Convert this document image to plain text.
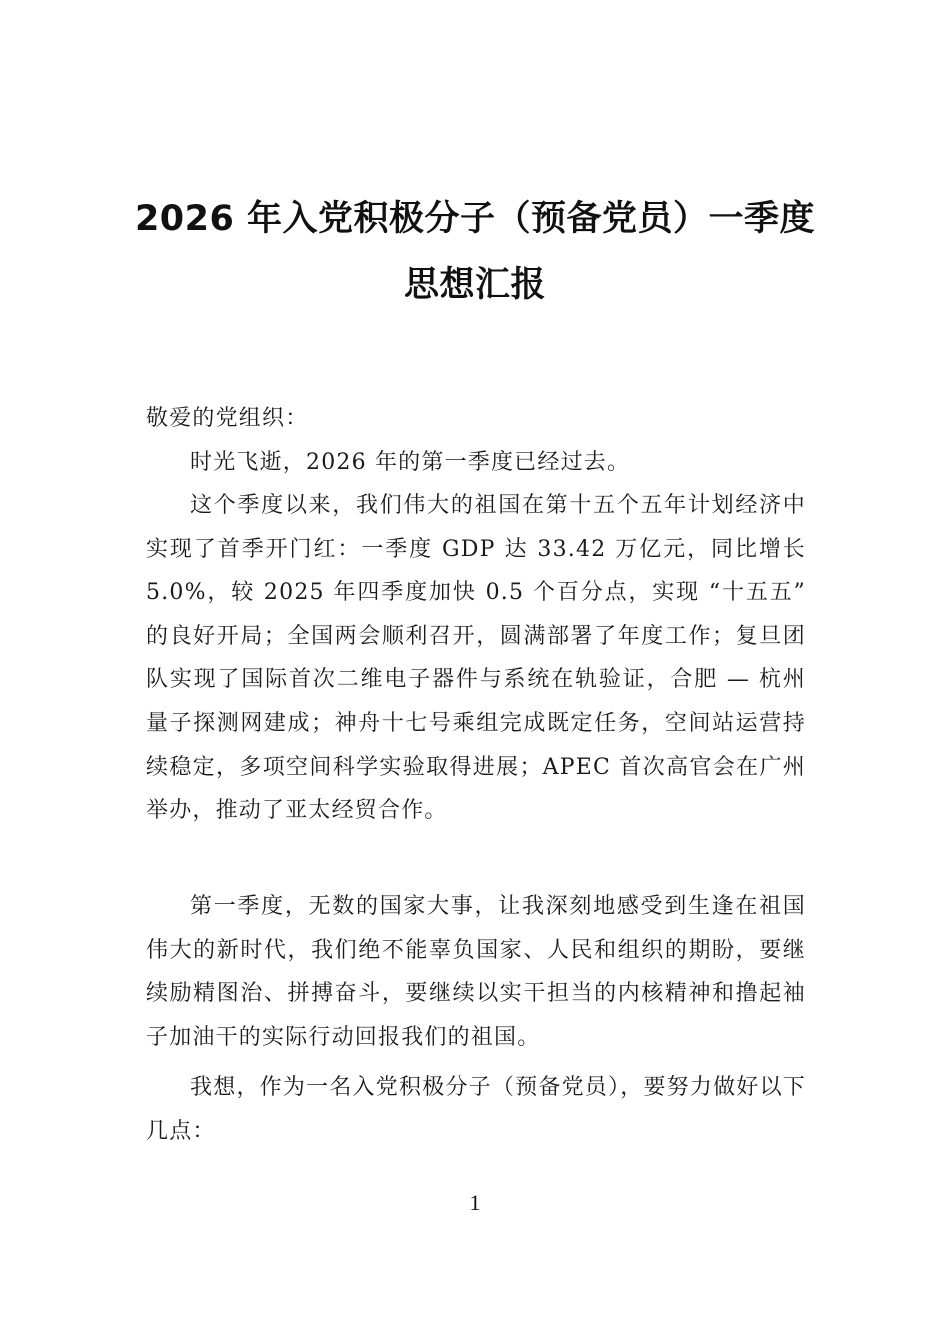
2026 年入党积极分子（预备党员）一季度
思想汇报
敬爱的党组织：

时光飞逝，2026 年的第一季度已经过去。

这个季度以来，我们伟大的祖国在第十五个五年计划经济中实现了首季开门红：一季度 GDP 达 33.42 万亿元，同比增长 5.0%，较 2025 年四季度加快 0.5 个百分点，实现 “十五五” 的良好开局；全国两会顺利召开，圆满部署了年度工作；复旦团队实现了国际首次二维电子器件与系统在轨验证，合肥 — 杭州量子探测网建成；神舟十七号乘组完成既定任务，空间站运营持续稳定，多项空间科学实验取得进展；APEC 首次高官会在广州举办，推动了亚太经贸合作。

第一季度，无数的国家大事，让我深刻地感受到生逢在祖国伟大的新时代，我们绝不能辜负国家、人民和组织的期盼，要继续励精图治、拼搏奋斗，要继续以实干担当的内核精神和撸起袖子加油干的实际行动回报我们的祖国。

我想，作为一名入党积极分子（预备党员），要努力做好以下几点：

1
